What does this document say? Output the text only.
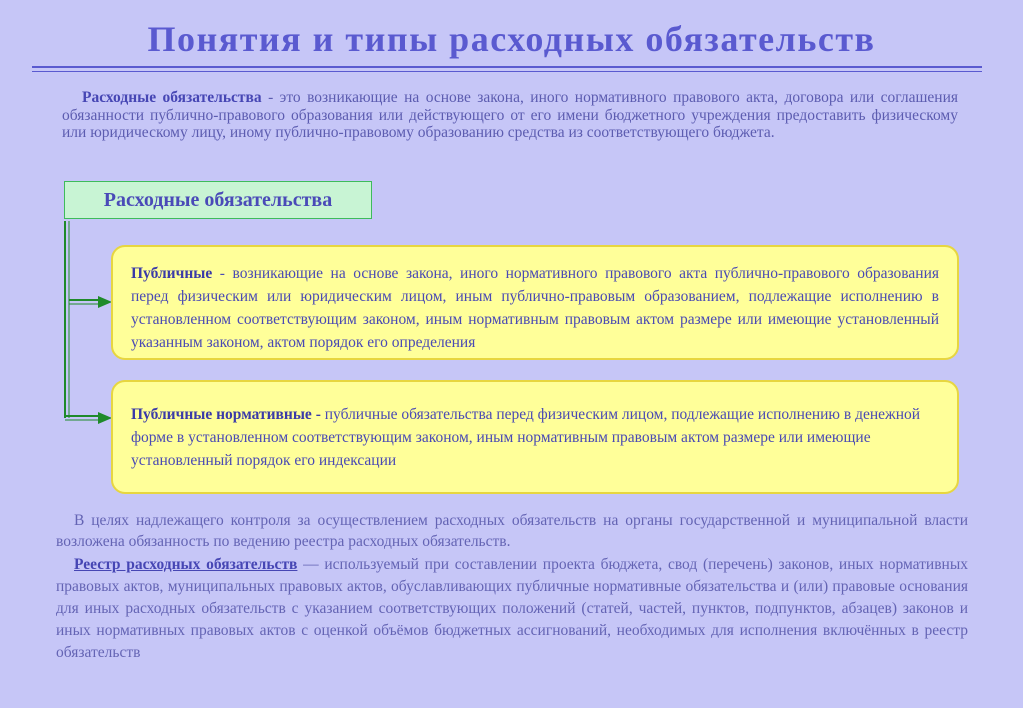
Понятия и типы расходных обязательств

Расходные обязательства - это возникающие на основе закона, иного нормативного правового акта, договора или соглашения обязанности публично-правового образования или действующего от его имени бюджетного учреждения предоставить физическому или юридическому лицу, иному публично-правовому образованию средства из соответствующего бюджета.

Расходные обязательства
Публичные - возникающие на основе закона, иного нормативного правового акта публично-правового образования перед физическим или юридическим лицом, иным публично-правовым образованием, подлежащие исполнению в установленном соответствующим законом, иным нормативным правовым актом размере или имеющие установленный указанным законом, актом порядок его определения
Публичные нормативные - публичные обязательства перед физическим лицом, подлежащие исполнению в денежной форме в установленном соответствующим законом, иным нормативным правовым актом размере или имеющие установленный порядок его индексации

В целях надлежащего контроля за осуществлением расходных обязательств на органы государственной и муниципальной власти возложена обязанность по ведению реестра расходных обязательств.

Реестр расходных обязательств — используемый при составлении проекта бюджета, свод (перечень) законов, иных нормативных правовых актов, муниципальных правовых актов, обуславливающих публичные нормативные обязательства и (или) правовые основания для иных расходных обязательств с указанием соответствующих положений (статей, частей, пунктов, подпунктов, абзацев) законов и иных нормативных правовых актов с оценкой объёмов бюджетных ассигнований, необходимых для исполнения включённых в реестр обязательств
